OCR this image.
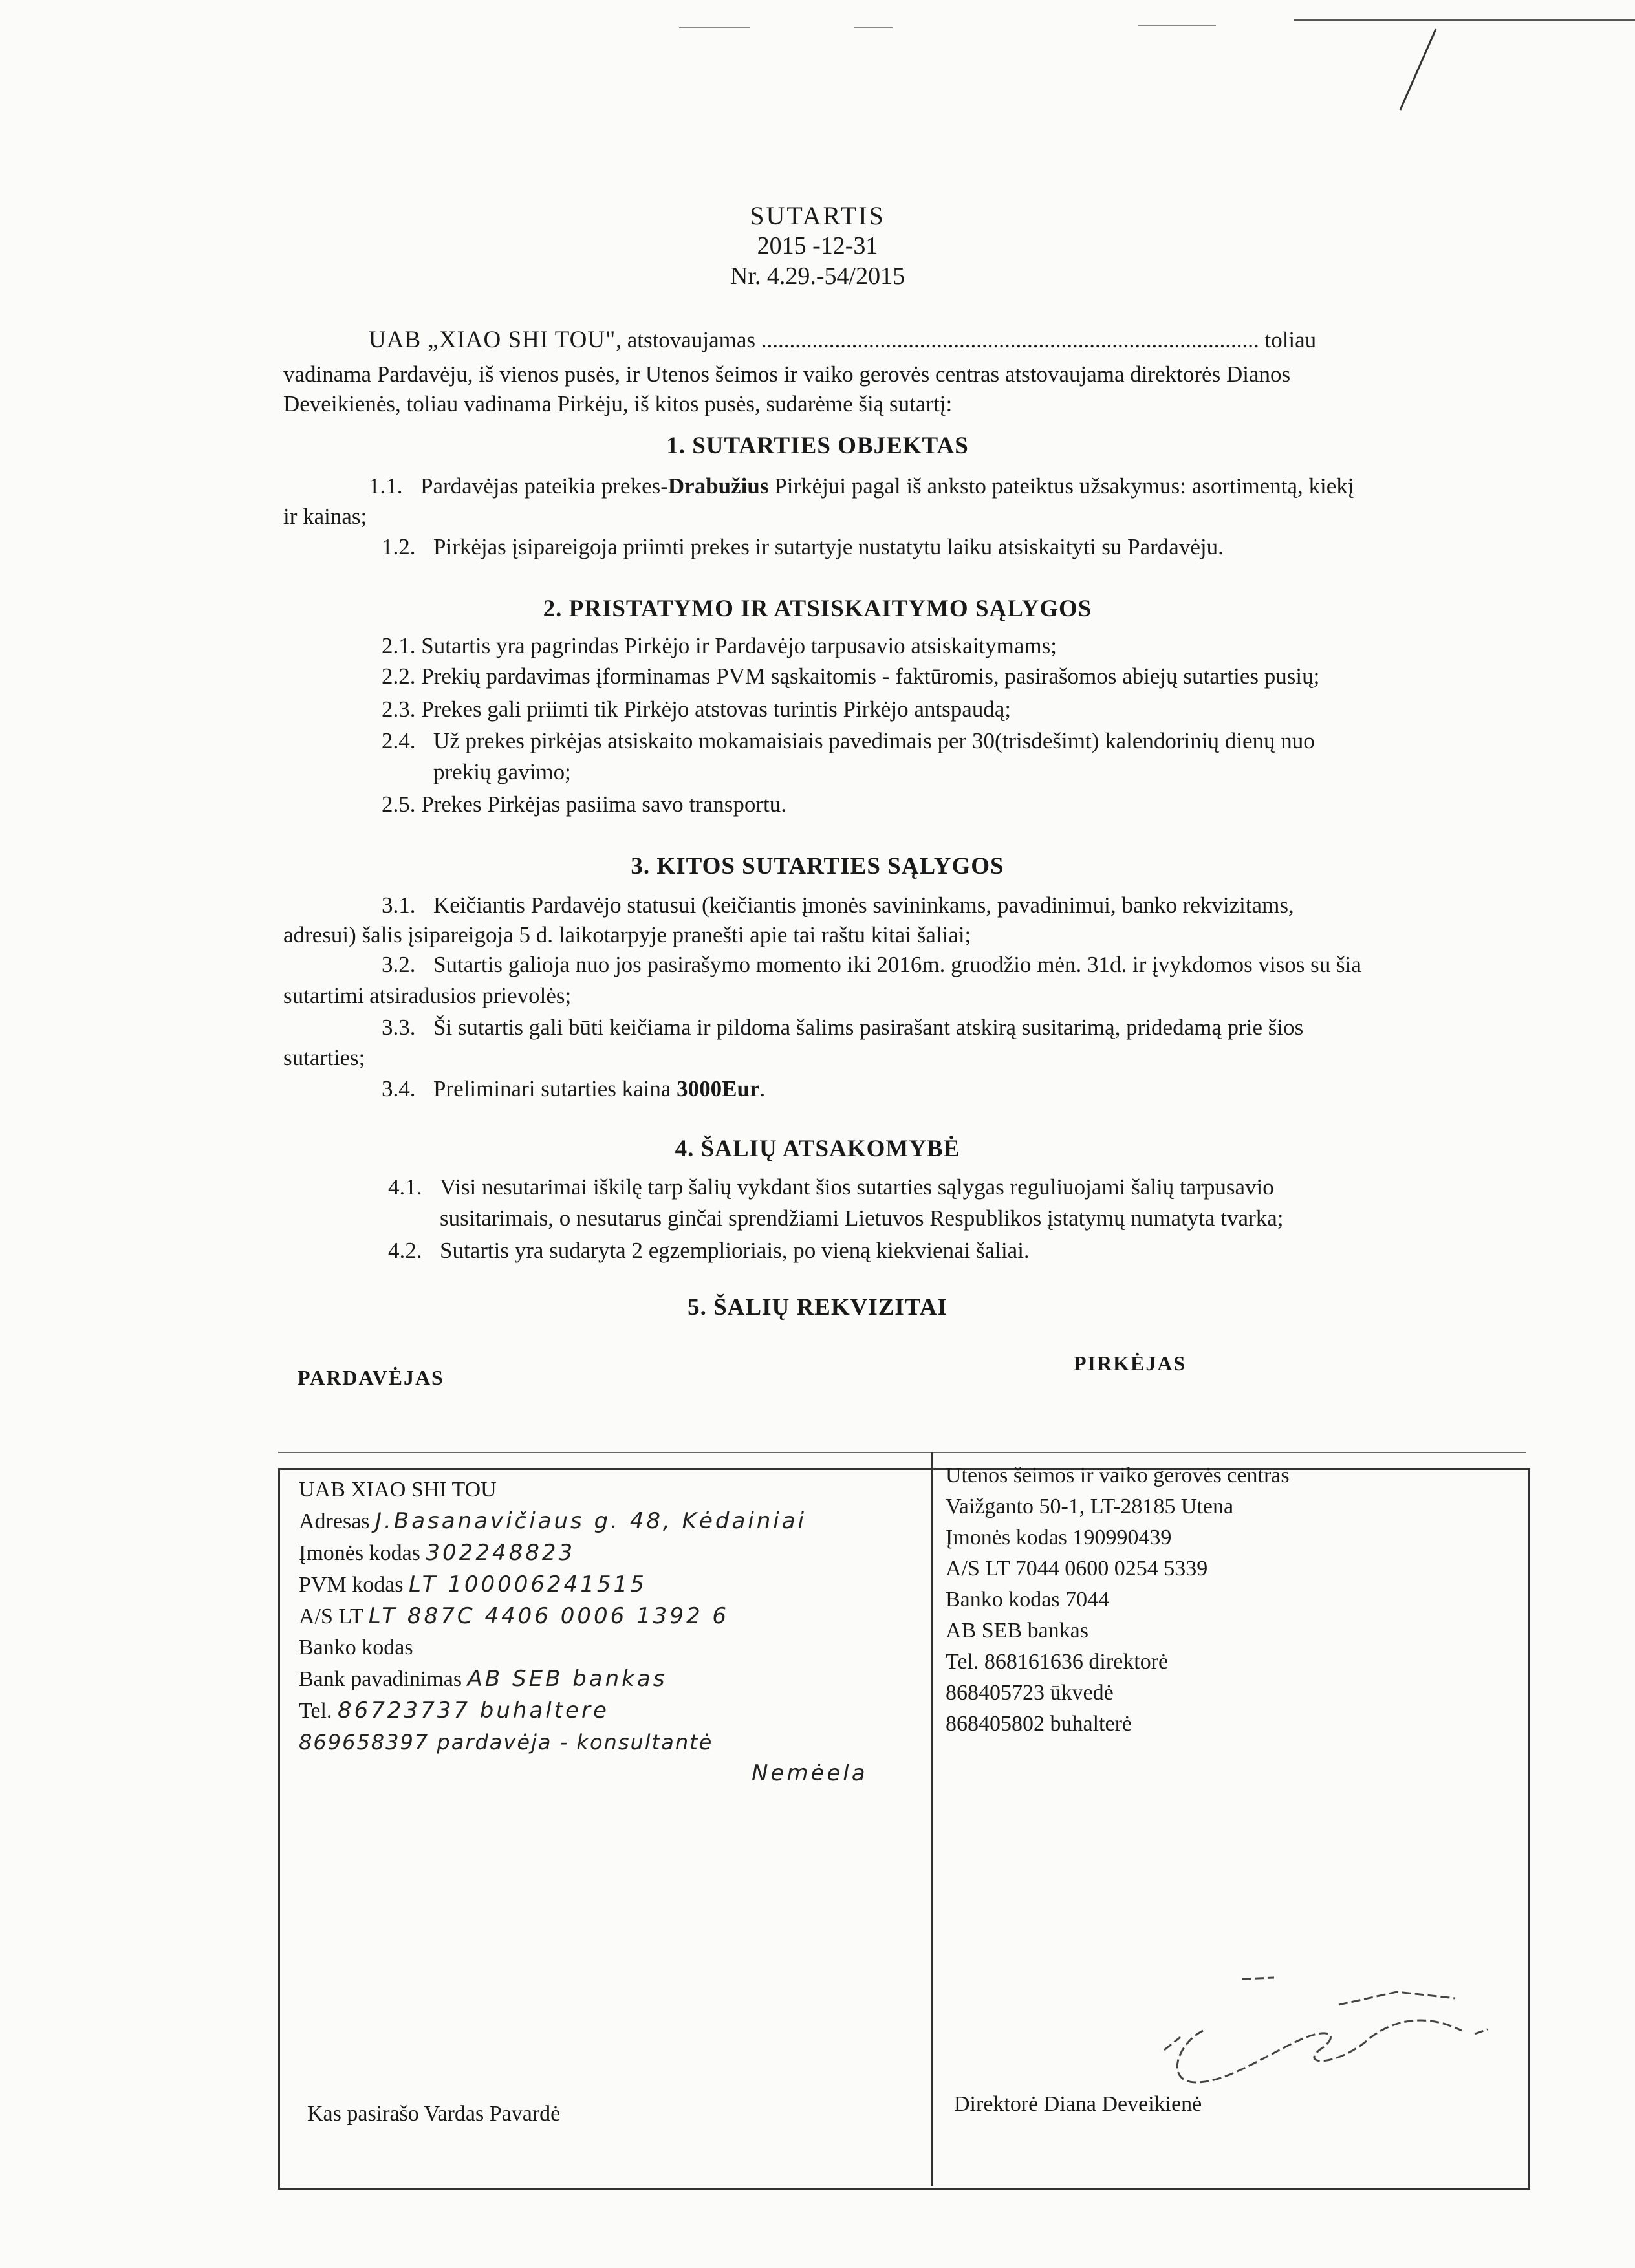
SUTARTIS
2015 -12-31
Nr. 4.29.-54/2015
UAB „XIAO SHI TOU", atstovaujamas ........................................................................................ toliau
vadinama Pardavėju, iš vienos pusės, ir Utenos šeimos ir vaiko gerovės centras atstovaujama direktorės Dianos
Deveikienės, toliau vadinama Pirkėju, iš kitos pusės, sudarėme šią sutartį:
1. SUTARTIES OBJEKTAS
1.1. Pardavėjas pateikia prekes-Drabužius Pirkėjui pagal iš anksto pateiktus užsakymus: asortimentą, kiekį
ir kainas;
1.2. Pirkėjas įsipareigoja priimti prekes ir sutartyje nustatytu laiku atsiskaityti su Pardavėju.
2. PRISTATYMO IR ATSISKAITYMO SĄLYGOS
2.1. Sutartis yra pagrindas Pirkėjo ir Pardavėjo tarpusavio atsiskaitymams;
2.2. Prekių pardavimas įforminamas PVM sąskaitomis - faktūromis, pasirašomos abiejų sutarties pusių;
2.3. Prekes gali priimti tik Pirkėjo atstovas turintis Pirkėjo antspaudą;
2.4. Už prekes pirkėjas atsiskaito mokamaisiais pavedimais per 30(trisdešimt) kalendorinių dienų nuo
prekių gavimo;
2.5. Prekes Pirkėjas pasiima savo transportu.
3. KITOS SUTARTIES SĄLYGOS
3.1. Keičiantis Pardavėjo statusui (keičiantis įmonės savininkams, pavadinimui, banko rekvizitams,
adresui) šalis įsipareigoja 5 d. laikotarpyje pranešti apie tai raštu kitai šaliai;
3.2. Sutartis galioja nuo jos pasirašymo momento iki 2016m. gruodžio mėn. 31d. ir įvykdomos visos su šia
sutartimi atsiradusios prievolės;
3.3. Ši sutartis gali būti keičiama ir pildoma šalims pasirašant atskirą susitarimą, pridedamą prie šios
sutarties;
3.4. Preliminari sutarties kaina 3000Eur.
4. ŠALIŲ ATSAKOMYBĖ
4.1. Visi nesutarimai iškilę tarp šalių vykdant šios sutarties sąlygas reguliuojami šalių tarpusavio
susitarimais, o nesutarus ginčai sprendžiami Lietuvos Respublikos įstatymų numatyta tvarka;
4.2. Sutartis yra sudaryta 2 egzemplioriais, po vieną kiekvienai šaliai.
5. ŠALIŲ REKVIZITAI
PARDAVĖJAS
PIRKĖJAS
UAB XIAO SHI TOU
Adresas J.Basanavičiaus g. 48, Kėdainiai
Įmonės kodas 302248823
PVM kodas LT 100006241515
A/S LT LT 887C 4406 0006 1392 6
Banko kodas
Bank pavadinimas AB SEB bankas
Tel. 86723737 buhaltere
869658397 pardavėja - konsultantė
Nemėela
Kas pasirašo Vardas Pavardė
Utenos šeimos ir vaiko gerovės centras
Vaižganto 50-1, LT-28185 Utena
Įmonės kodas 190990439
A/S LT 7044 0600 0254 5339
Banko kodas 7044
AB SEB bankas
Tel. 868161636 direktorė
868405723 ūkvedė
868405802 buhalterė
Direktorė Diana Deveikienė
